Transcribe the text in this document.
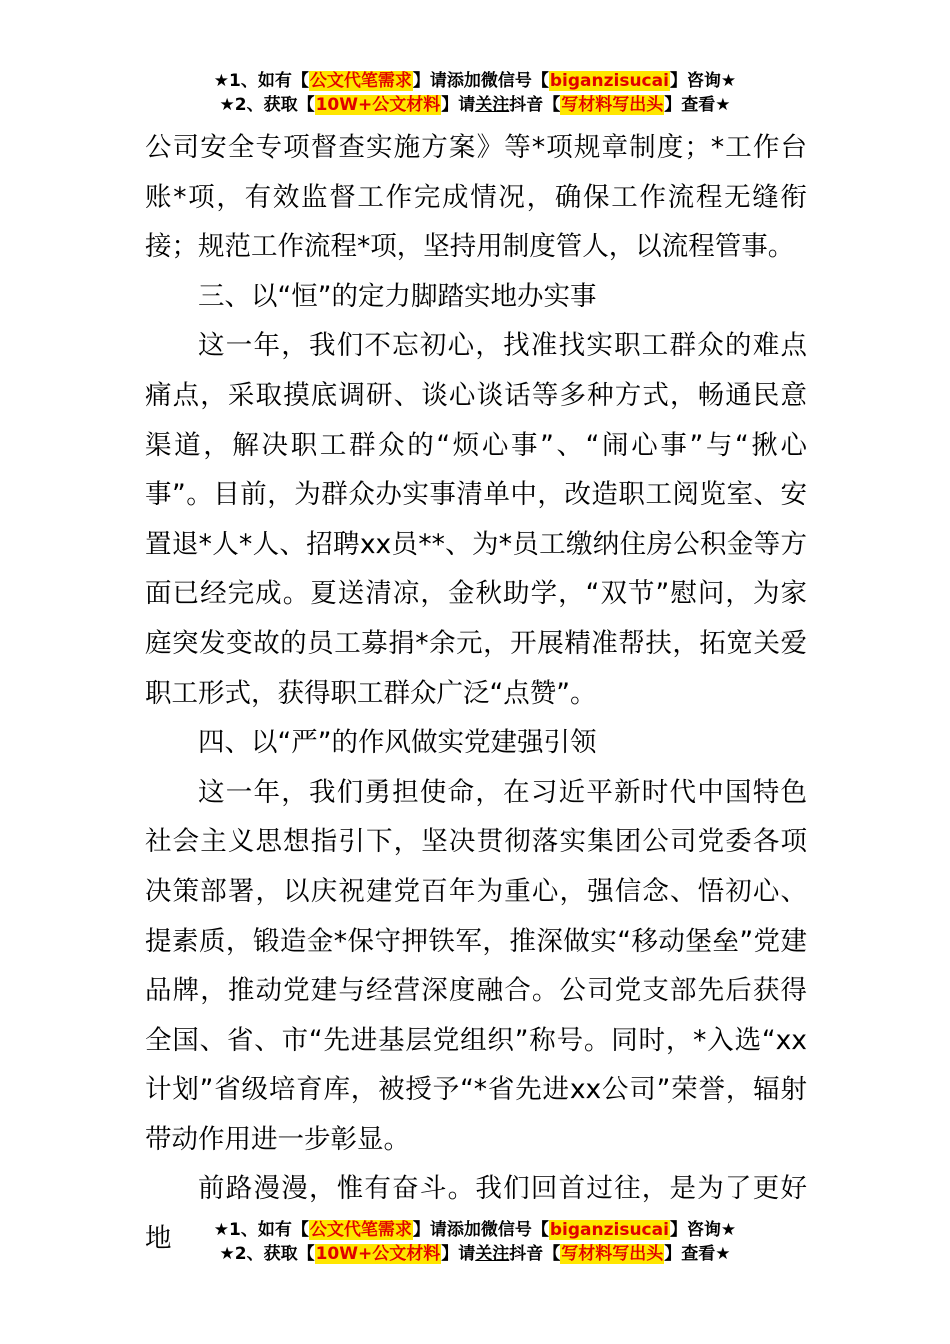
★1、如有【公文代笔需求】请添加微信号【biganzisucai】咨询★
★2、获取【10W+公文材料】请关注抖音【写材料写出头】查看★

公司安全专项督查实施方案》等*项规章制度；*工作台账*项，有效监督工作完成情况，确保工作流程无缝衔接；规范工作流程*项，坚持用制度管人，以流程管事。

三、以“恒”的定力脚踏实地办实事

这一年，我们不忘初心，找准找实职工群众的难点痛点，采取摸底调研、谈心谈话等多种方式，畅通民意渠道，解决职工群众的“烦心事”、“闹心事”与“揪心事”。目前，为群众办实事清单中，改造职工阅览室、安置退*人*人、招聘xx员**、为*员工缴纳住房公积金等方面已经完成。夏送清凉，金秋助学，“双节”慰问，为家庭突发变故的员工募捐*余元，开展精准帮扶，拓宽关爱职工形式，获得职工群众广泛“点赞”。

四、以“严”的作风做实党建强引领

这一年，我们勇担使命，在习近平新时代中国特色社会主义思想指引下，坚决贯彻落实集团公司党委各项决策部署，以庆祝建党百年为重心，强信念、悟初心、提素质，锻造金*保守押铁军，推深做实“移动堡垒”党建品牌，推动党建与经营深度融合。公司党支部先后获得全国、省、市“先进基层党组织”称号。同时，*入选“xx计划”省级培育库，被授予“*省先进xx公司”荣誉，辐射带动作用进一步彰显。

前路漫漫，惟有奋斗。我们回首过往，是为了更好地	★1、如有【公文代笔需求】请添加微信号【biganzisucai】咨询★
★2、获取【10W+公文材料】请关注抖音【写材料写出头】查看★
